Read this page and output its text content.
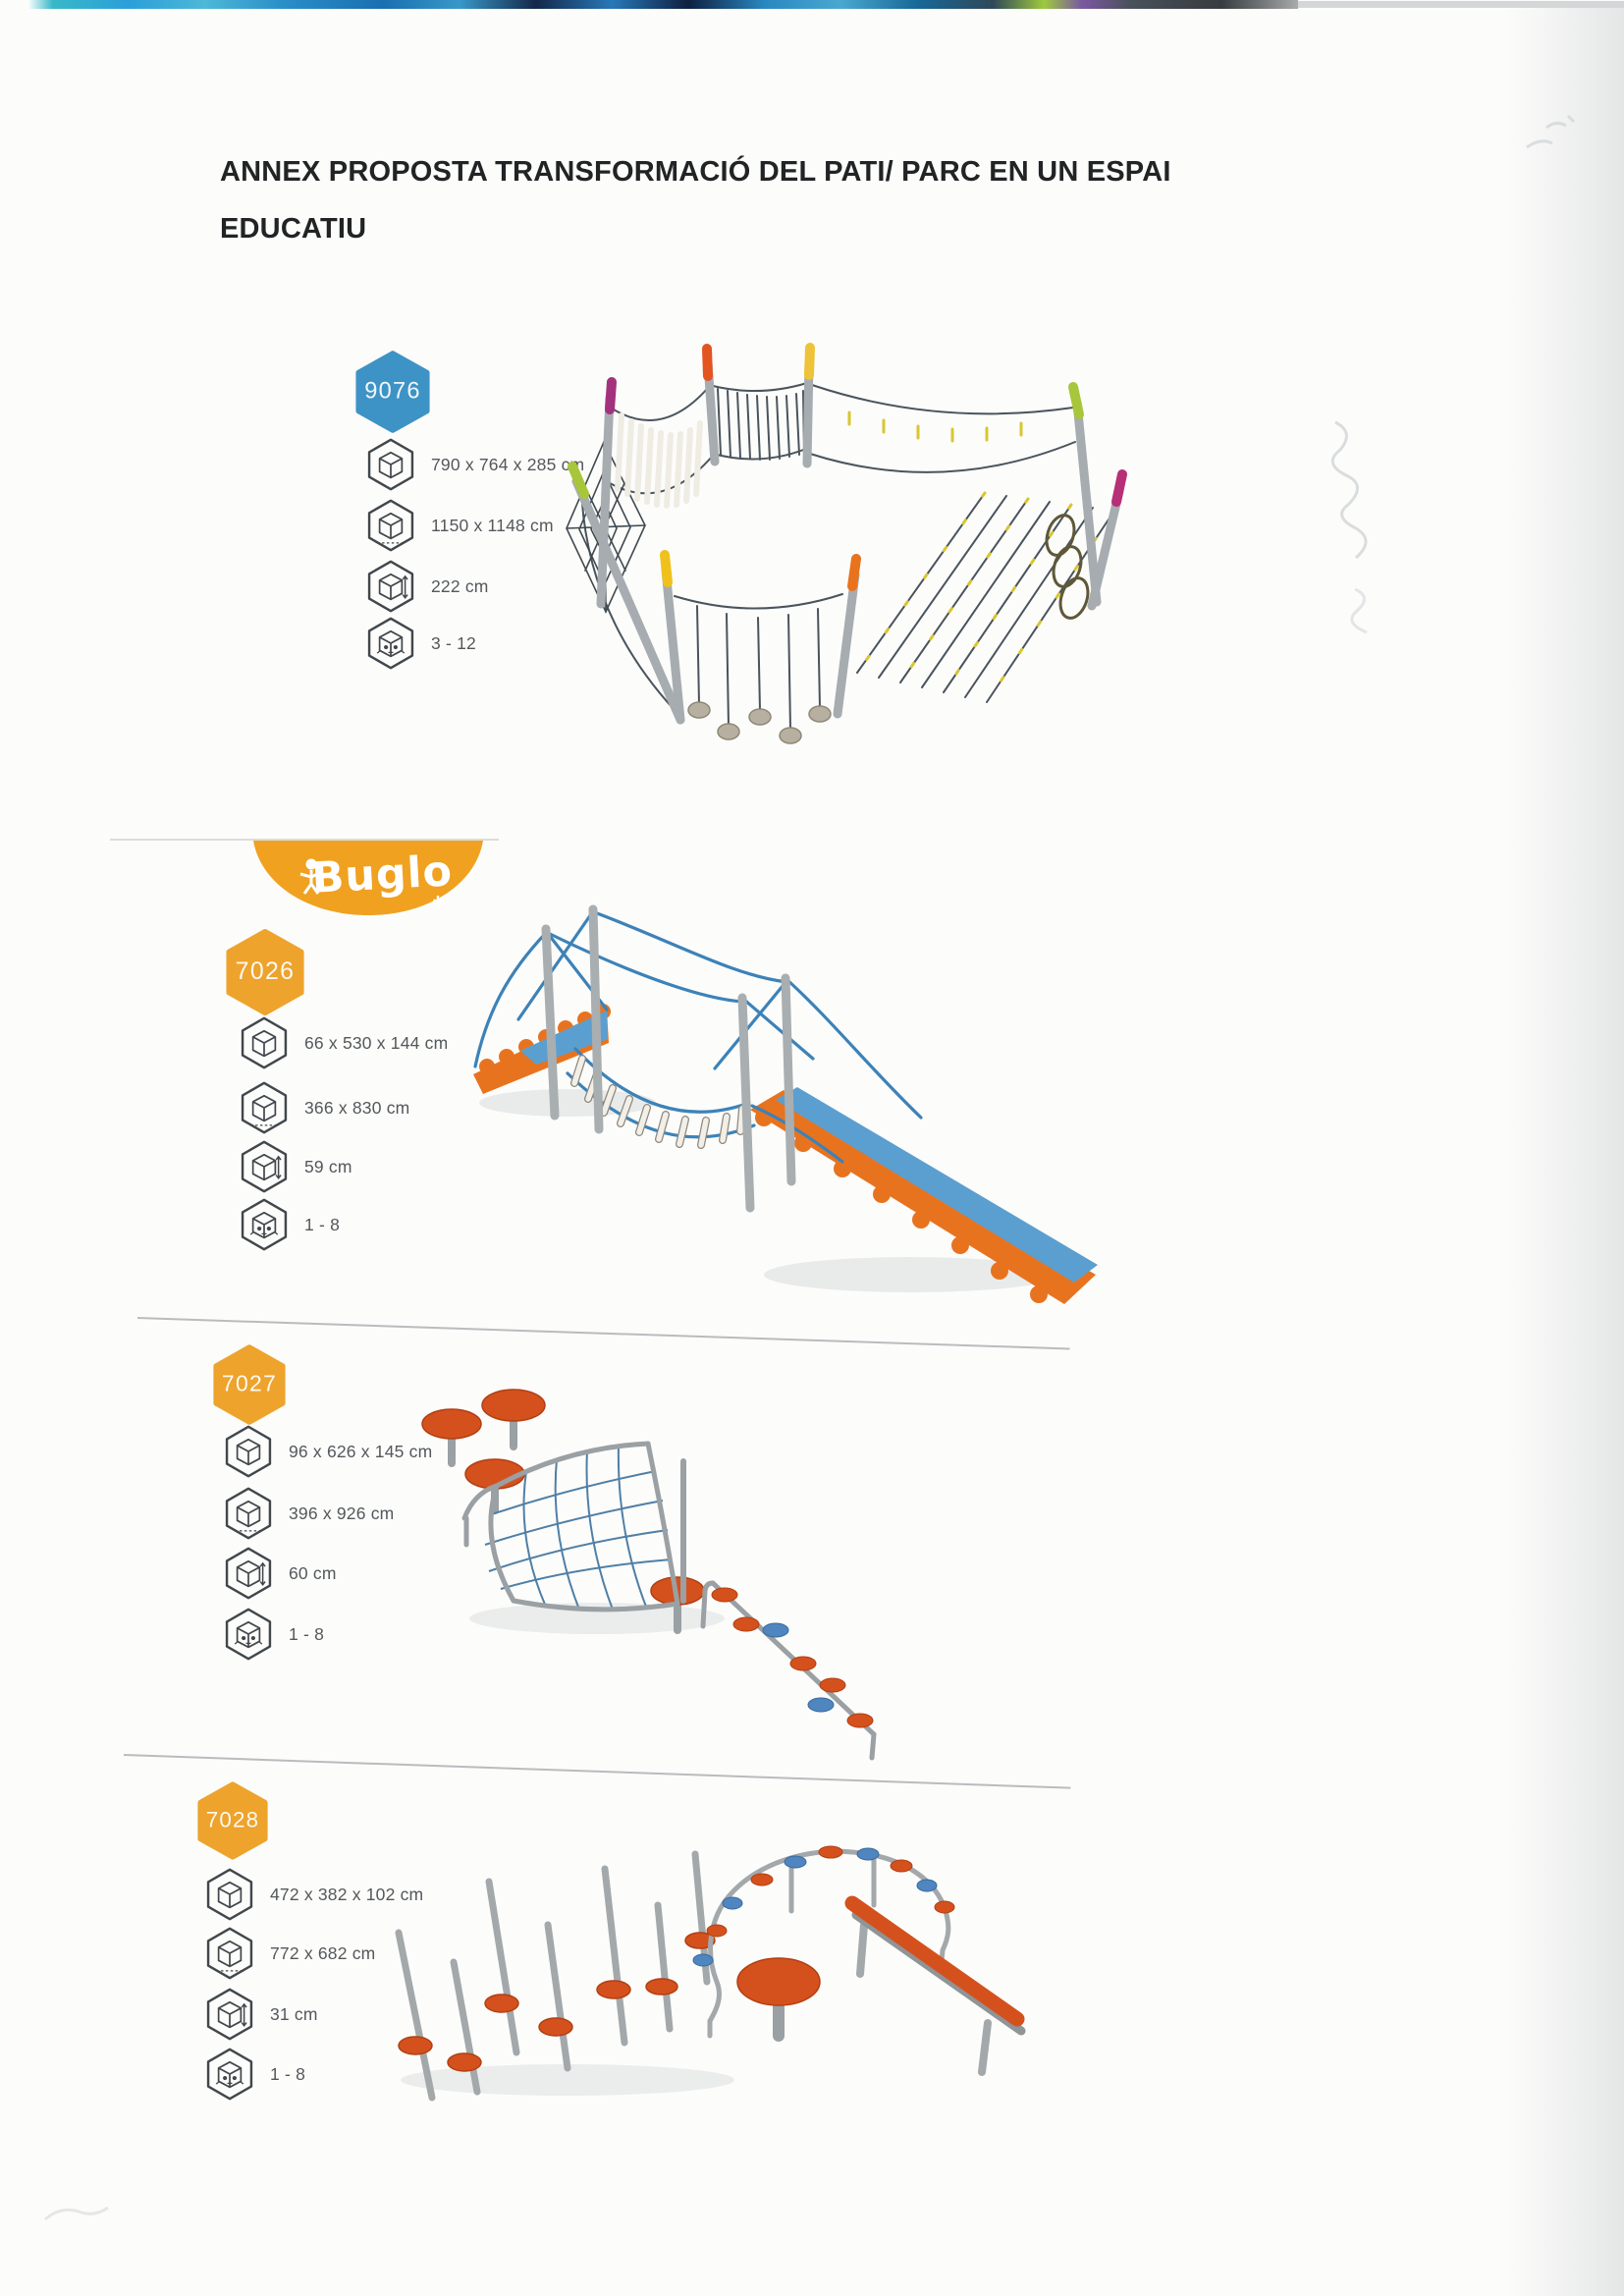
ANNEX PROPOSTA TRANSFORMACIÓ DEL PATI/ PARC EN UN ESPAI
EDUCATIU
9076
790 x 764 x 285 cm
1150 x 1148 cm
222 cm
3 - 12
Buglo
7026
66 x 530 x 144 cm
366 x 830 cm
59 cm
1 - 8
7027
96 x 626 x 145 cm
396 x 926 cm
60 cm
1 - 8
7028
472 x 382 x 102 cm
772 x 682 cm
31 cm
1 - 8
